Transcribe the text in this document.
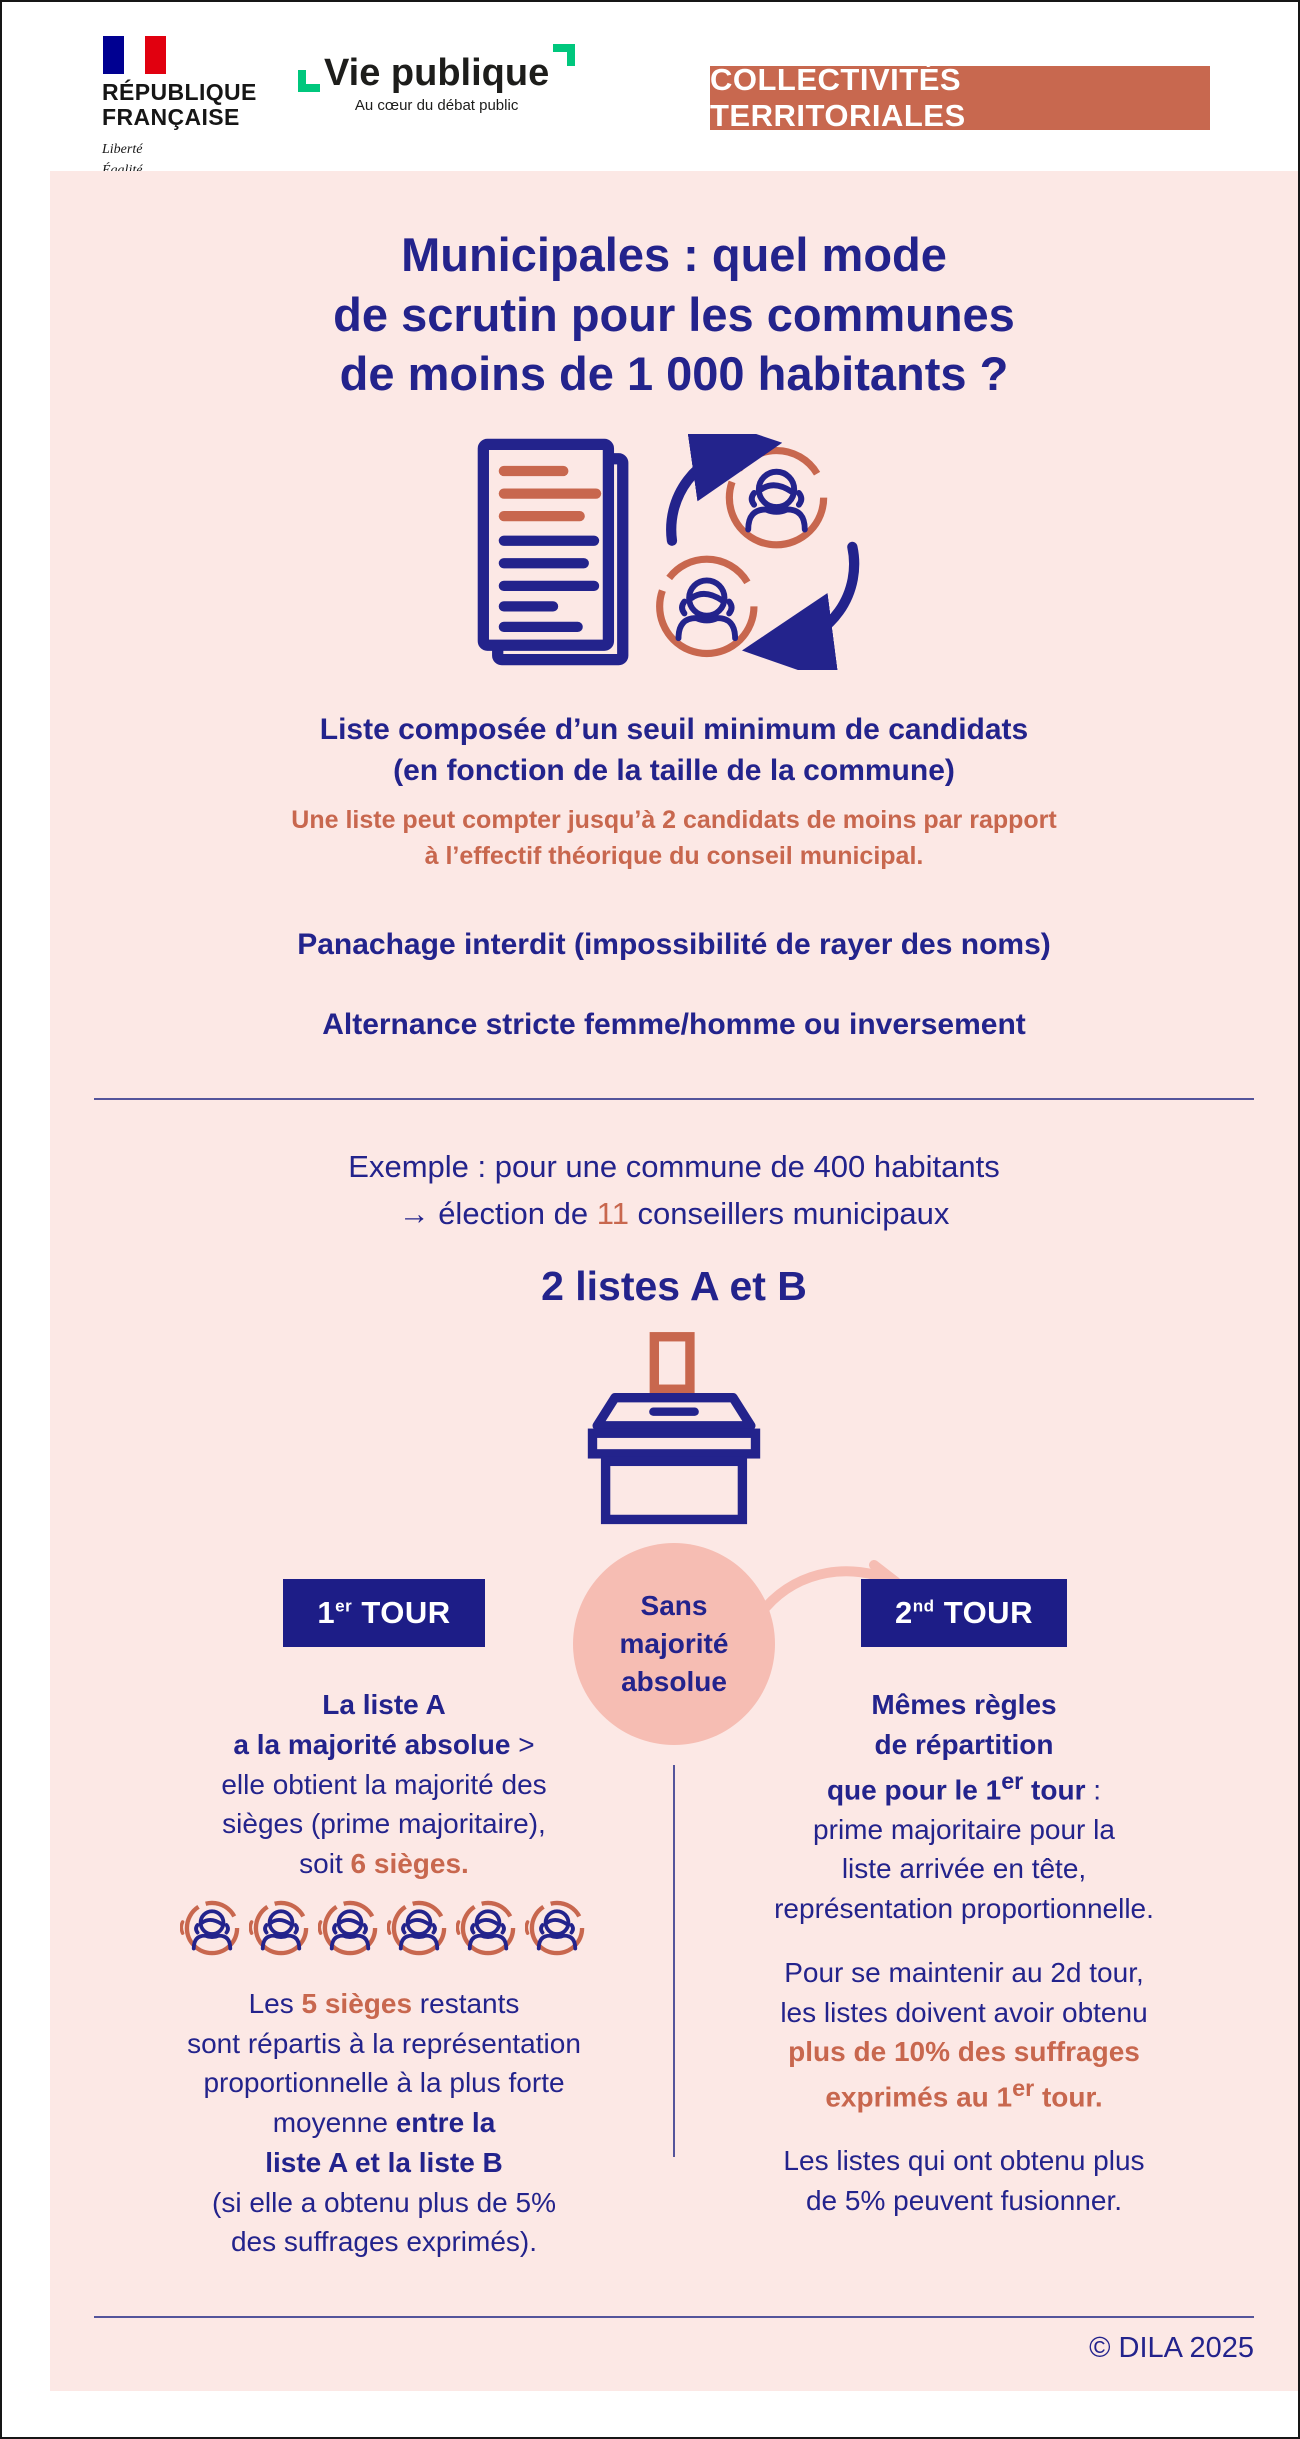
RÉPUBLIQUE
FRANÇAISE
Liberté
Vie publique
Au cœur du débat public
COLLECTIVITÉS TERRITORIALES
Municipales : quel mode
de scrutin pour les communes
de moins de 1 000 habitants ?
Liste composée d’un seuil minimum de candidats
(en fonction de la taille de la commune)
Une liste peut compter jusqu’à 2 candidats de moins par rapport
à l’effectif théorique du conseil municipal.
Panachage interdit (impossibilité de rayer des noms)
Alternance stricte femme/homme ou inversement
Exemple : pour une commune de 400 habitants
→ élection de 11 conseillers municipaux
2 listes A et B
Sans
majorité
absolue
1er TOUR
La liste A
a la majorité absolue >
elle obtient la majorité des
sièges (prime majoritaire),
soit 6 sièges.
Les 5 sièges restants
sont répartis à la représentation
proportionnelle à la plus forte
moyenne entre la
liste A et la liste B
(si elle a obtenu plus de 5%
des suffrages exprimés).
2nd TOUR
Mêmes règles
de répartition
que pour le 1er tour :
prime majoritaire pour la
liste arrivée en tête,
représentation proportionnelle.
Pour se maintenir au 2d tour,
les listes doivent avoir obtenu
plus de 10% des suffrages
exprimés au 1er tour.
Les listes qui ont obtenu plus
de 5% peuvent fusionner.
© DILA 2025
